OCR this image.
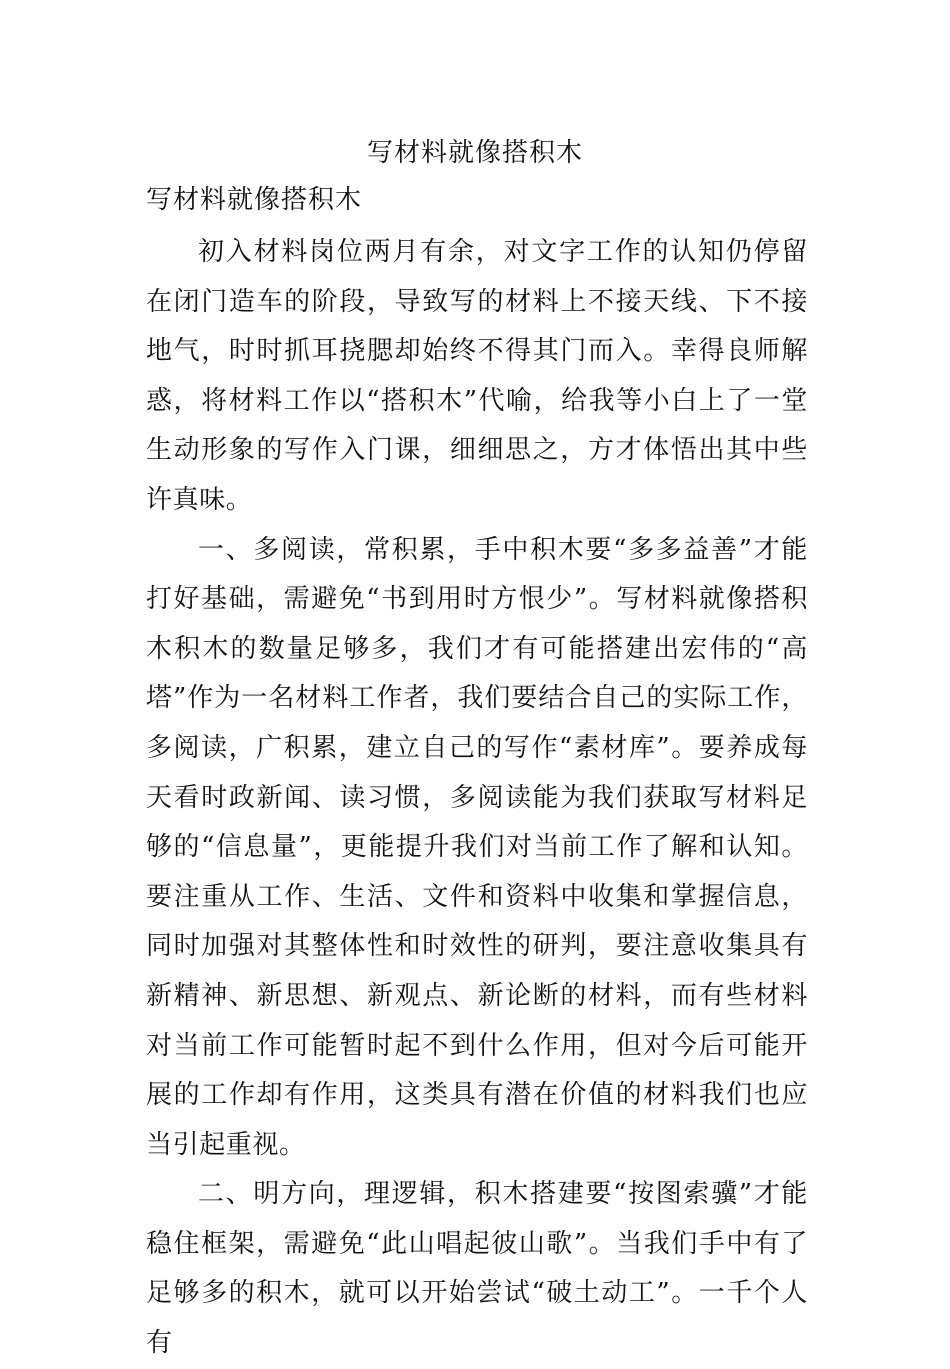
写材料就像搭积木
写材料就像搭积木

初入材料岗位两月有余，对文字工作的认知仍停留在闭门造车的阶段，导致写的材料上不接天线、下不接地气，时时抓耳挠腮却始终不得其门而入。幸得良师解惑，将材料工作以“搭积木”代喻，给我等小白上了一堂生动形象的写作入门课，细细思之，方才体悟出其中些许真味。

一、多阅读，常积累，手中积木要“多多益善”才能打好基础，需避免“书到用时方恨少”。写材料就像搭积木积木的数量足够多，我们才有可能搭建出宏伟的“高塔”作为一名材料工作者，我们要结合自己的实际工作，多阅读，广积累，建立自己的写作“素材库”。要养成每天看时政新闻、读习惯，多阅读能为我们获取写材料足够的“信息量”，更能提升我们对当前工作了解和认知。要注重从工作、生活、文件和资料中收集和掌握信息，同时加强对其整体性和时效性的研判，要注意收集具有新精神、新思想、新观点、新论断的材料，而有些材料对当前工作可能暂时起不到什么作用，但对今后可能开展的工作却有作用，这类具有潜在价值的材料我们也应当引起重视。

二、明方向，理逻辑，积木搭建要“按图索骥”才能稳住框架，需避免“此山唱起彼山歌”。当我们手中有了足够多的积木，就可以开始尝试“破土动工”。一千个人有
